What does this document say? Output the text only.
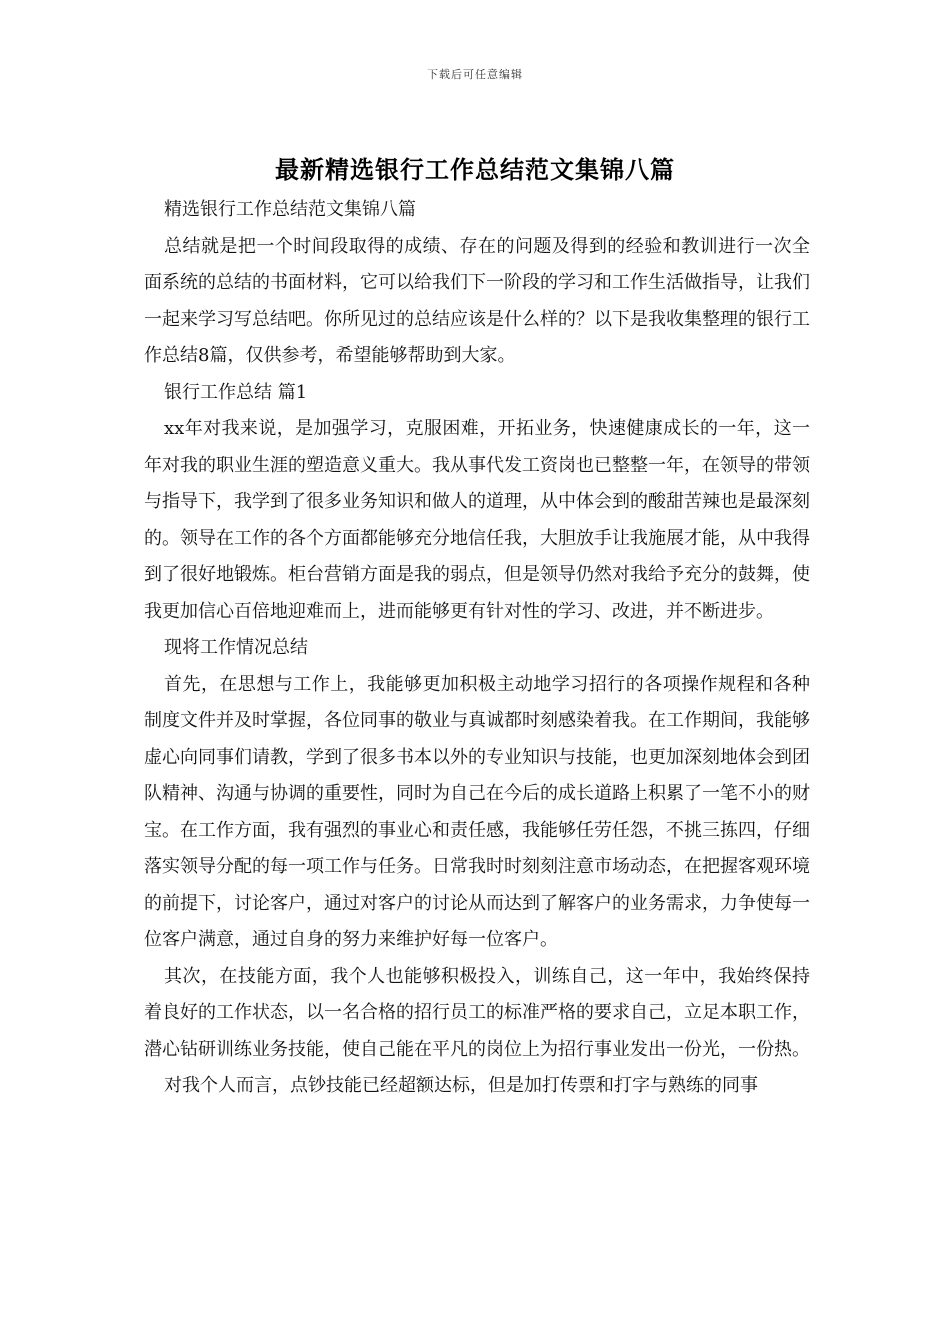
下载后可任意编辑
最新精选银行工作总结范文集锦八篇

精选银行工作总结范文集锦八篇

总结就是把一个时间段取得的成绩、存在的问题及得到的经验和教训进行一次全面系统的总结的书面材料，它可以给我们下一阶段的学习和工作生活做指导，让我们一起来学习写总结吧。你所见过的总结应该是什么样的？以下是我收集整理的银行工作总结8篇，仅供参考，希望能够帮助到大家。

银行工作总结 篇1

xx年对我来说，是加强学习，克服困难，开拓业务，快速健康成长的一年，这一年对我的职业生涯的塑造意义重大。我从事代发工资岗也已整整一年，在领导的带领与指导下，我学到了很多业务知识和做人的道理，从中体会到的酸甜苦辣也是最深刻的。领导在工作的各个方面都能够充分地信任我，大胆放手让我施展才能，从中我得到了很好地锻炼。柜台营销方面是我的弱点，但是领导仍然对我给予充分的鼓舞，使我更加信心百倍地迎难而上，进而能够更有针对性的学习、改进，并不断进步。

现将工作情况总结

首先，在思想与工作上，我能够更加积极主动地学习招行的各项操作规程和各种制度文件并及时掌握，各位同事的敬业与真诚都时刻感染着我。在工作期间，我能够虚心向同事们请教，学到了很多书本以外的专业知识与技能，也更加深刻地体会到团队精神、沟通与协调的重要性，同时为自己在今后的成长道路上积累了一笔不小的财宝。在工作方面，我有强烈的事业心和责任感，我能够任劳任怨，不挑三拣四，仔细落实领导分配的每一项工作与任务。日常我时时刻刻注意市场动态，在把握客观环境的前提下，讨论客户，通过对客户的讨论从而达到了解客户的业务需求，力争使每一位客户满意，通过自身的努力来维护好每一位客户。

其次，在技能方面，我个人也能够积极投入，训练自己，这一年中，我始终保持着良好的工作状态，以一名合格的招行员工的标准严格的要求自己，立足本职工作，潜心钻研训练业务技能，使自己能在平凡的岗位上为招行事业发出一份光，一份热。

对我个人而言，点钞技能已经超额达标，但是加打传票和打字与熟练的同事
